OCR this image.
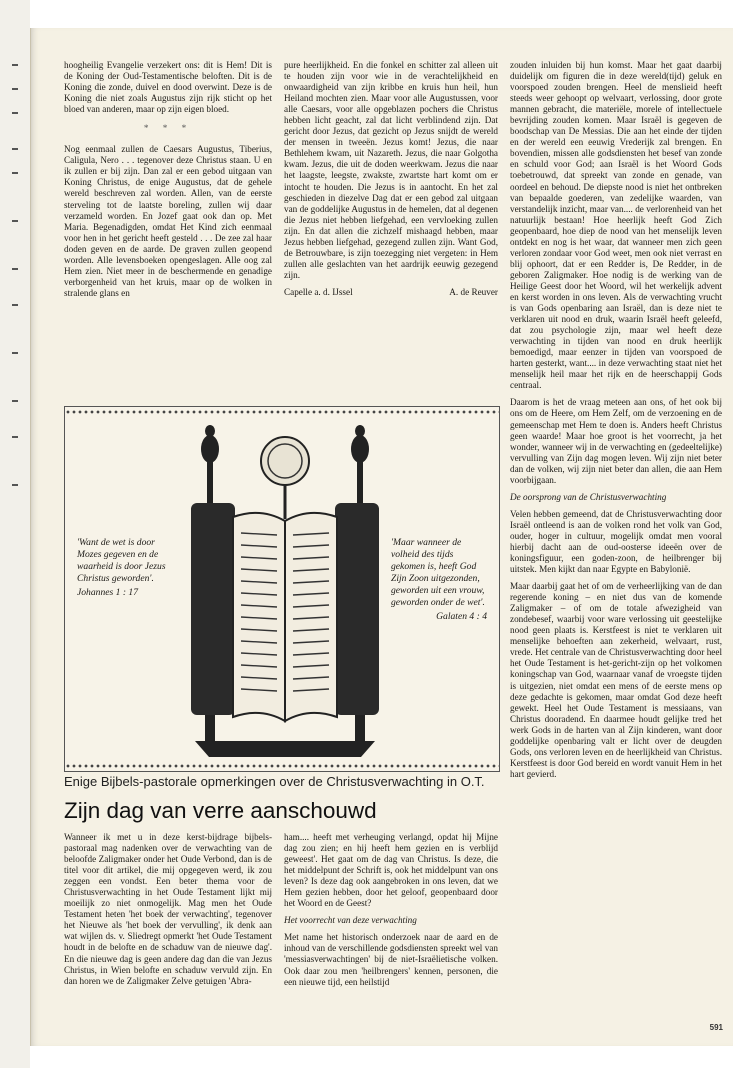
hoogheilig Evangelie verzekert ons: dit is Hem! Dit is de Koning der Oud-Testamentische beloften. Dit is de Koning die zonde, duivel en dood overwint. Deze is de Koning die niet zoals Augustus zijn rijk sticht op het bloed van anderen, maar op zijn eigen bloed.

* * *

Nog eenmaal zullen de Caesars Augustus, Tiberius, Caligula, Nero . . . tegenover deze Christus staan. U en ik zullen er bij zijn. Dan zal er een gebod uitgaan van Koning Christus, de enige Augustus, dat de gehele wereld beschreven zal worden. Allen, van de eerste sterveling tot de laatste boreling, zullen wij daar verzameld worden. En Jozef gaat ook dan op. Met Maria. Begenadigden, omdat Het Kind zich eenmaal voor hen in het gericht heeft gesteld . . . De zee zal haar doden geven en de aarde. De graven zullen geopend worden. Alle levensboeken opengeslagen. Alle oog zal Hem zien. Niet meer in de beschermende en genadige verborgenheid van het kruis, maar op de wolken in stralende glans en

pure heerlijkheid. En die fonkel en schitter zal alleen uit te houden zijn voor wie in de verachtelijkheid en onwaardigheid van zijn kribbe en kruis hun heil, hun Heiland mochten zien. Maar voor alle Augustussen, voor alle Caesars, voor alle opgeblazen pochers die Christus hebben licht geacht, zal dat licht verblindend zijn. Dat gericht door Jezus, dat gezicht op Jezus snijdt de wereld der mensen in tweeën. Jezus komt! Jezus, die naar Bethlehem kwam, uit Nazareth. Jezus, die naar Golgotha kwam. Jezus, die uit de doden weerkwam. Jezus die naar het laagste, leegste, zwakste, zwartste hart komt om er intocht te houden. Die Jezus is in aantocht. En het zal geschieden in diezelve Dag dat er een gebod zal uitgaan van de goddelijke Augustus in de hemelen, dat al degenen die Jezus niet hebben liefgehad, een vervloeking zullen zijn. En dat allen die zichzelf mishaagd hebben, maar Jezus hebben liefgehad, gezegend zullen zijn. Want God, de Betrouwbare, is zijn toezegging niet vergeten: in Hem zullen alle geslachten van het aardrijk eeuwig gezegend zijn.

Capelle a. d. IJssel	A. de Reuver

zouden inluiden bij hun komst. Maar het gaat daarbij duidelijk om figuren die in deze wereld(tijd) geluk en voorspoed zouden brengen. Heel de menslieid heeft steeds weer gehoopt op welvaart, verlossing, door grote mannen gebracht, die materiële, morele of intellectuele bevrijding zouden komen. Maar Israël is gegeven de boodschap van De Messias. Die aan het einde der tijden en der wereld een eeuwig Vrederijk zal brengen. En bovendien, missen alle godsdiensten het besef van zonde en schuld voor God; aan Israël is het Woord Gods toebetrouwd, dat spreekt van zonde en genade, van oordeel en behoud. De diepste nood is niet het ontbreken van bepaalde goederen, van zedelijke waarden, van verstandelijk inzicht, maar van.... de verlorenheid van het natuurlijk bestaan! Hoe heerlijk heeft God Zich geopenbaard, hoe diep de nood van het menselijk leven ontdekt en nog is het waar, dat wanneer men zich geen verloren zondaar voor God weet, men ook niet verrast en blij ophoort, dat er een Redder is, De Redder, in de geboren Zaligmaker. Hoe nodig is de werking van de Heilige Geest door het Woord, wil het werkelijk advent en kerst worden in ons leven. Als de verwachting vrucht is van Gods openbaring aan Israël, dan is deze niet te verklaren uit nood en druk, waarin Israël heeft geleefd, dat zou psychologie zijn, maar wel heeft deze verwachting in tijden van nood en druk heerlijk bemoedigd, maar eenzer in tijden van voorspoed de harten gesterkt, want.... in deze verwachting staat niet het menselijk heil maar het rijk en de heerschappij Gods centraal.

Daarom is het de vraag meteen aan ons, of het ook bij ons om de Heere, om Hem Zelf, om de verzoening en de gemeenschap met Hem te doen is. Anders heeft Christus geen waarde! Maar hoe groot is het voorrecht, ja het wonder, wanneer wij in de verwachting en (gedeeltelijke) vervulling van Zijn dag mogen leven. Wij zijn niet beter dan de volken, wij zijn niet beter dan allen, die aan Hem voorbijgaan.

De oorsprong van de Christusverwachting

Velen hebben gemeend, dat de Christusverwachting door Israël ontleend is aan de volken rond het volk van God, ouder, hoger in cultuur, mogelijk omdat men vooral hierbij dacht aan de oud-oosterse ideeën over de koningsfiguur, een goden-zoon, de heilbrenger bij uitstek. Men kijkt dan naar Egypte en Babylonië.

Maar daarbij gaat het of om de verheerlijking van de dan regerende koning – en niet dus van de komende Zaligmaker – of om de totale afwezigheid van zondebesef, waarbij voor ware verlossing uit geestelijke nood geen plaats is. Kerstfeest is niet te verklaren uit menselijke behoeften aan zekerheid, welvaart, rust, vrede. Het centrale van de Christusverwachting door heel het Oude Testament is het-gericht-zijn op het volkomen koningschap van God, waarnaar vanaf de vroegste tijden is uitgezien, niet omdat een mens of de eerste mens op deze gedachte is gekomen, maar omdat God deze heeft gewekt. Heel het Oude Testament is messiaans, van Christus dooradend. En daarmee houdt gelijke tred het werk Gods in de harten van al Zijn kinderen, want door goddelijke openbaring valt er licht over de deugden Gods, ons verloren leven en de heerlijkheid van Christus. Kerstfeest is door God bereid en wordt vanuit Hem in het hart gevierd.

'Want de wet is door Mozes gegeven en de waarheid is door Jezus Christus geworden'.
Johannes 1 : 17
'Maar wanneer de volheid des tijds gekomen is, heeft God Zijn Zoon uitgezonden, geworden uit een vrouw, geworden onder de wet'.
Galaten 4 : 4
Enige Bijbels-pastorale opmerkingen over de Christusverwachting in O.T.
Zijn dag van verre aanschouwd

Wanneer ik met u in deze kerst-bijdrage bijbels-pastoraal mag nadenken over de verwachting van de beloofde Zaligmaker onder het Oude Verbond, dan is de titel voor dit artikel, die mij opgegeven werd, ik zou zeggen een vondst. Een beter thema voor de Christusverwachting in het Oude Testament lijkt mij moeilijk zo niet onmogelijk. Mag men het Oude Testament heten 'het boek der verwachting', tegenover het Nieuwe als 'het boek der vervulling', ik denk aan wat wijlen ds. v. Sliedregt opmerkt 'het Oude Testament houdt in de belofte en de schaduw van de nieuwe dag'. En die nieuwe dag is geen andere dag dan die van Jezus Christus, in Wien belofte en schaduw vervuld zijn. En dan horen we de Zaligmaker Zelve getuigen 'Abra-

ham.... heeft met verheuging verlangd, opdat hij Mijne dag zou zien; en hij heeft hem gezien en is verblijd geweest'. Het gaat om de dag van Christus. Is deze, die het middelpunt der Schrift is, ook het middelpunt van ons leven? Is deze dag ook aangebroken in ons leven, dat we Hem gezien hebben, door het geloof, geopenbaard door het Woord en de Geest?

Het voorrecht van deze verwachting

Met name het historisch onderzoek naar de aard en de inhoud van de verschillende godsdiensten spreekt wel van 'messiasverwachtingen' bij de niet-Israëlietische volken. Ook daar zou men 'heilbrengers' kennen, personen, die een nieuwe tijd, een heilstijd

591
